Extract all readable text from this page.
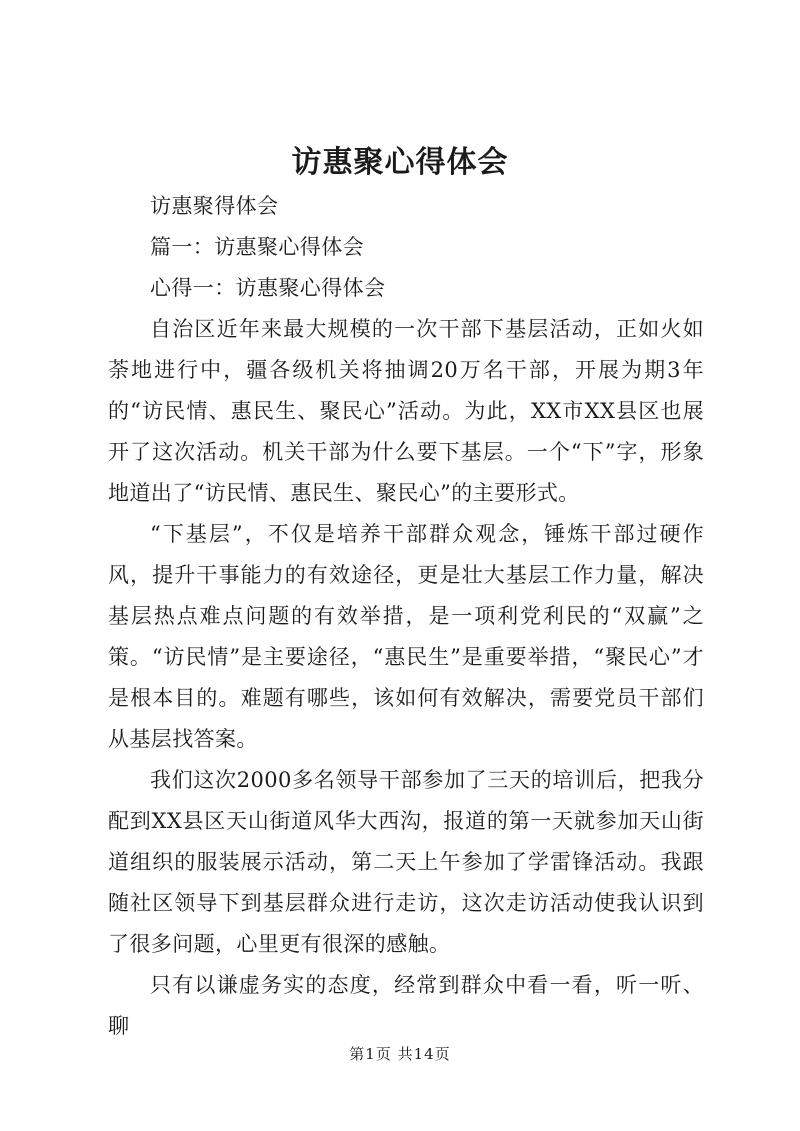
访惠聚心得体会

访惠聚得体会

篇一：访惠聚心得体会

心得一：访惠聚心得体会

自治区近年来最大规模的一次干部下基层活动，正如火如荼地进行中，疆各级机关将抽调20万名干部，开展为期3年的“访民情、惠民生、聚民心”活动。为此，XX市XX县区也展开了这次活动。机关干部为什么要下基层。一个“下”字，形象地道出了“访民情、惠民生、聚民心”的主要形式。

“下基层”，不仅是培养干部群众观念，锤炼干部过硬作风，提升干事能力的有效途径，更是壮大基层工作力量，解决基层热点难点问题的有效举措，是一项利党利民的“双赢”之策。“访民情”是主要途径，“惠民生”是重要举措，“聚民心”才是根本目的。难题有哪些，该如何有效解决，需要党员干部们从基层找答案。

我们这次2000多名领导干部参加了三天的培训后，把我分配到XX县区天山街道风华大西沟，报道的第一天就参加天山街道组织的服装展示活动，第二天上午参加了学雷锋活动。我跟随社区领导下到基层群众进行走访，这次走访活动使我认识到了很多问题，心里更有很深的感触。

只有以谦虚务实的态度，经常到群众中看一看，听一听、聊

第1页 共14页
